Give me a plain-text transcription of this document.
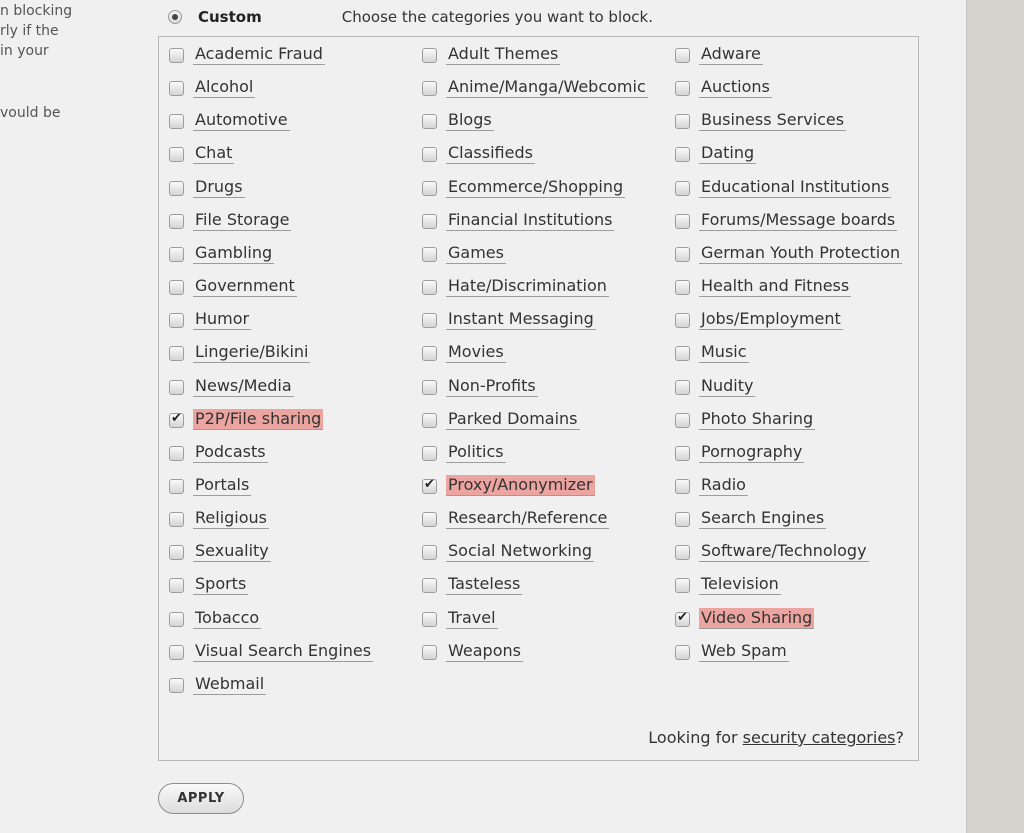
n blocking
rly if the
in your
vould be
Custom	Choose the categories you want to block.
Looking for security categories?
Academic Fraud
Alcohol
Automotive
Chat
Drugs
File Storage
Gambling
Government
Humor
Lingerie/Bikini
News/Media
✔
P2P/File sharing
Podcasts
Portals
Religious
Sexuality
Sports
Tobacco
Visual Search Engines
Webmail
Adult Themes
Anime/Manga/Webcomic
Blogs
Classifieds
Ecommerce/Shopping
Financial Institutions
Games
Hate/Discrimination
Instant Messaging
Movies
Non-Profits
Parked Domains
Politics
✔
Proxy/Anonymizer
Research/Reference
Social Networking
Tasteless
Travel
Weapons
Adware
Auctions
Business Services
Dating
Educational Institutions
Forums/Message boards
German Youth Protection
Health and Fitness
Jobs/Employment
Music
Nudity
Photo Sharing
Pornography
Radio
Search Engines
Software/Technology
Television
✔
Video Sharing
Web Spam
APPLY
